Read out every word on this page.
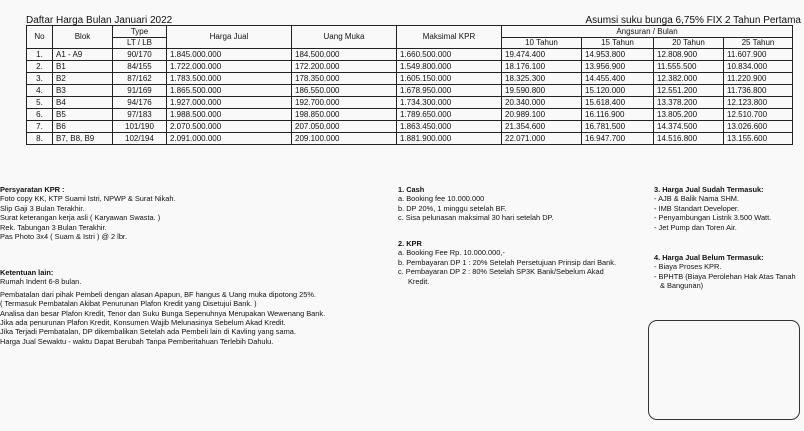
Daftar Harga Bulan Januari 2022	Asumsi suku bunga 6,75% FIX 2 Tahun Pertama
No	Blok	Type	Harga Jual	Uang Muka	Maksimal KPR	Angsuran / Bulan			
		LT / LB				10 Tahun	15 Tahun	20 Tahun	25 Tahun
1.	A1 - A9	90/170	1.845.000.000	184.500.000	1.660.500.000	19.474.400	14.953.800	12.808.900	11.607.900
2.	B1	84/155	1.722.000.000	172.200.000	1.549.800.000	18.176.100	13.956.900	11.555.500	10.834.000
3.	B2	87/162	1.783.500.000	178.350.000	1.605.150.000	18.325.300	14.455.400	12.382.000	11.220.900
4.	B3	91/169	1.865.500.000	186.550.000	1.678.950.000	19.590.800	15.120.000	12.551.200	11.736.800
5.	B4	94/176	1.927.000.000	192.700.000	1.734.300.000	20.340.000	15.618.400	13.378.200	12.123.800
6.	B5	97/183	1.988.500.000	198.850.000	1.789.650.000	20.989.100	16.116.900	13.805.200	12.510.700
7.	B6	101/190	2.070.500.000	207.050.000	1.863.450.000	21.354.600	16.781.500	14.374.500	13.026.600
8.	B7, B8, B9	102/194	2.091.000.000	209.100.000	1.881.900.000	22.071.000	16.947.700	14.516.800	13.155.600
Persyaratan KPR :
Foto copy KK, KTP Suami Istri, NPWP & Surat Nikah.
Slip Gaji 3 Bulan Terakhir.
Surat keterangan kerja asli ( Karyawan Swasta. )
Rek. Tabungan 3 Bulan Terakhir.
Pas Photo 3x4 ( Suam & Istri ) @ 2 lbr.
Ketentuan lain:
Rumah Indent 6-8 bulan.
Pembatalan dari pihak Pembeli dengan alasan Apapun, BF hangus & Uang muka dipotong 25%.
( Termasuk Pembatalan Akibat Penurunan Plafon Kredit yang Disetujui Bank. )
Analisa dan besar Plafon Kredit, Tenor dan Suku Bunga Sepenuhnya Merupakan Wewenang Bank.
Jika ada penurunan Plafon Kredit, Konsumen Wajib Melunasinya Sebelum Akad Kredit.
Jika Terjadi Pembatalan, DP dikembalikan Setelah ada Pembeli lain di Kavling yang sama.
Harga Jual Sewaktu - waktu Dapat Berubah Tanpa Pemberitahuan Terlebih Dahulu.
1. Cash
a. Booking fee 10.000.000
b. DP 20%, 1 minggu setelah BF.
c. Sisa pelunasan maksimal 30 hari setelah DP.
2. KPR
a. Booking Fee Rp. 10.000.000,-
b. Pembayaran DP 1 : 20% Setelah Persetujuan Prinsip dari Bank.
c. Pembayaran DP 2 : 80% Setelah SP3K Bank/Sebelum Akad
Kredit.
3. Harga Jual Sudah Termasuk:
- AJB & Balik Nama SHM.
- IMB Standart Developer.
- Penyambungan Listrik 3.500 Watt.
- Jet Pump dan Toren Air.
4. Harga Jual Belum Termasuk:
- Biaya Proses KPR.
- BPHTB (Biaya Perolehan Hak Atas Tanah
& Bangunan)
